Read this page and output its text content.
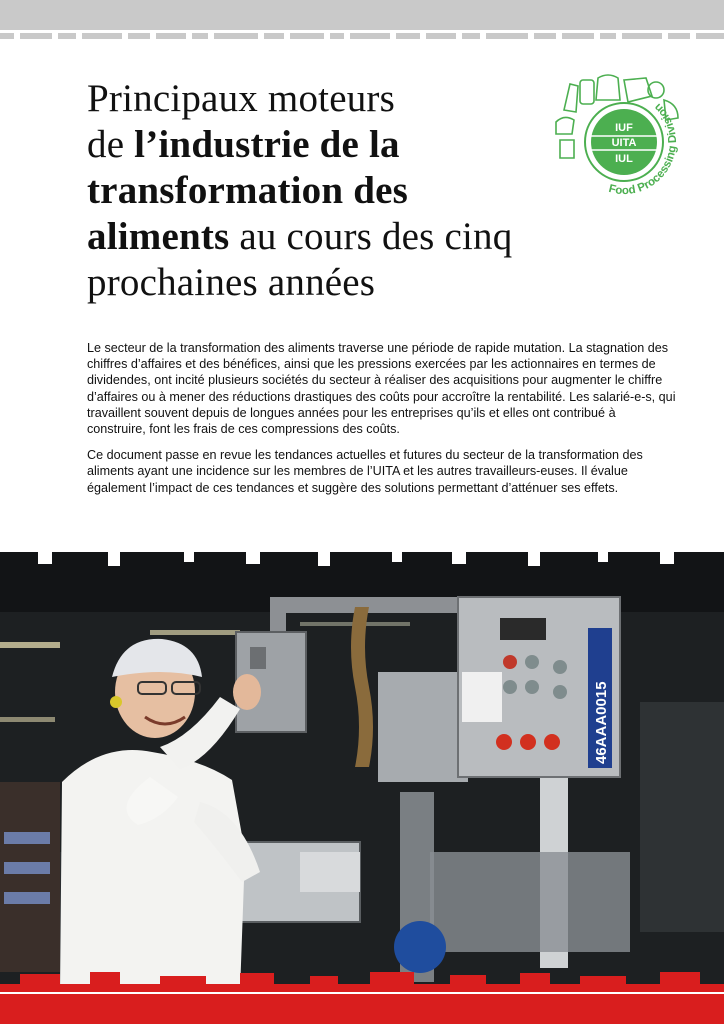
Principaux moteurs
de l’industrie de la
transformation des
aliments au cours des cinq
prochaines années
IUF
UITA
IUL
Food Processing Division

Le secteur de la transformation des aliments traverse une période de rapide mutation. La stagnation des chiffres d’affaires et des bénéfices, ainsi que les pressions exercées par les actionnaires en termes de dividendes, ont incité plusieurs sociétés du secteur à réaliser des acquisitions pour augmenter le chiffre d’affaires ou à mener des réductions drastiques des coûts pour accroître la rentabilité. Les salarié-e-s, qui travaillent souvent depuis de longues années pour les entreprises qu’ils et elles ont contribué à construire, font les frais de ces compressions des coûts.

Ce document passe en revue les tendances actuelles et futures du secteur de la transformation des aliments ayant une incidence sur les membres de l’UITA et les autres travailleurs-euses. Il évalue également l’impact de ces tendances et suggère des solutions permettant d’atténuer ses effets.

46AAA0015
